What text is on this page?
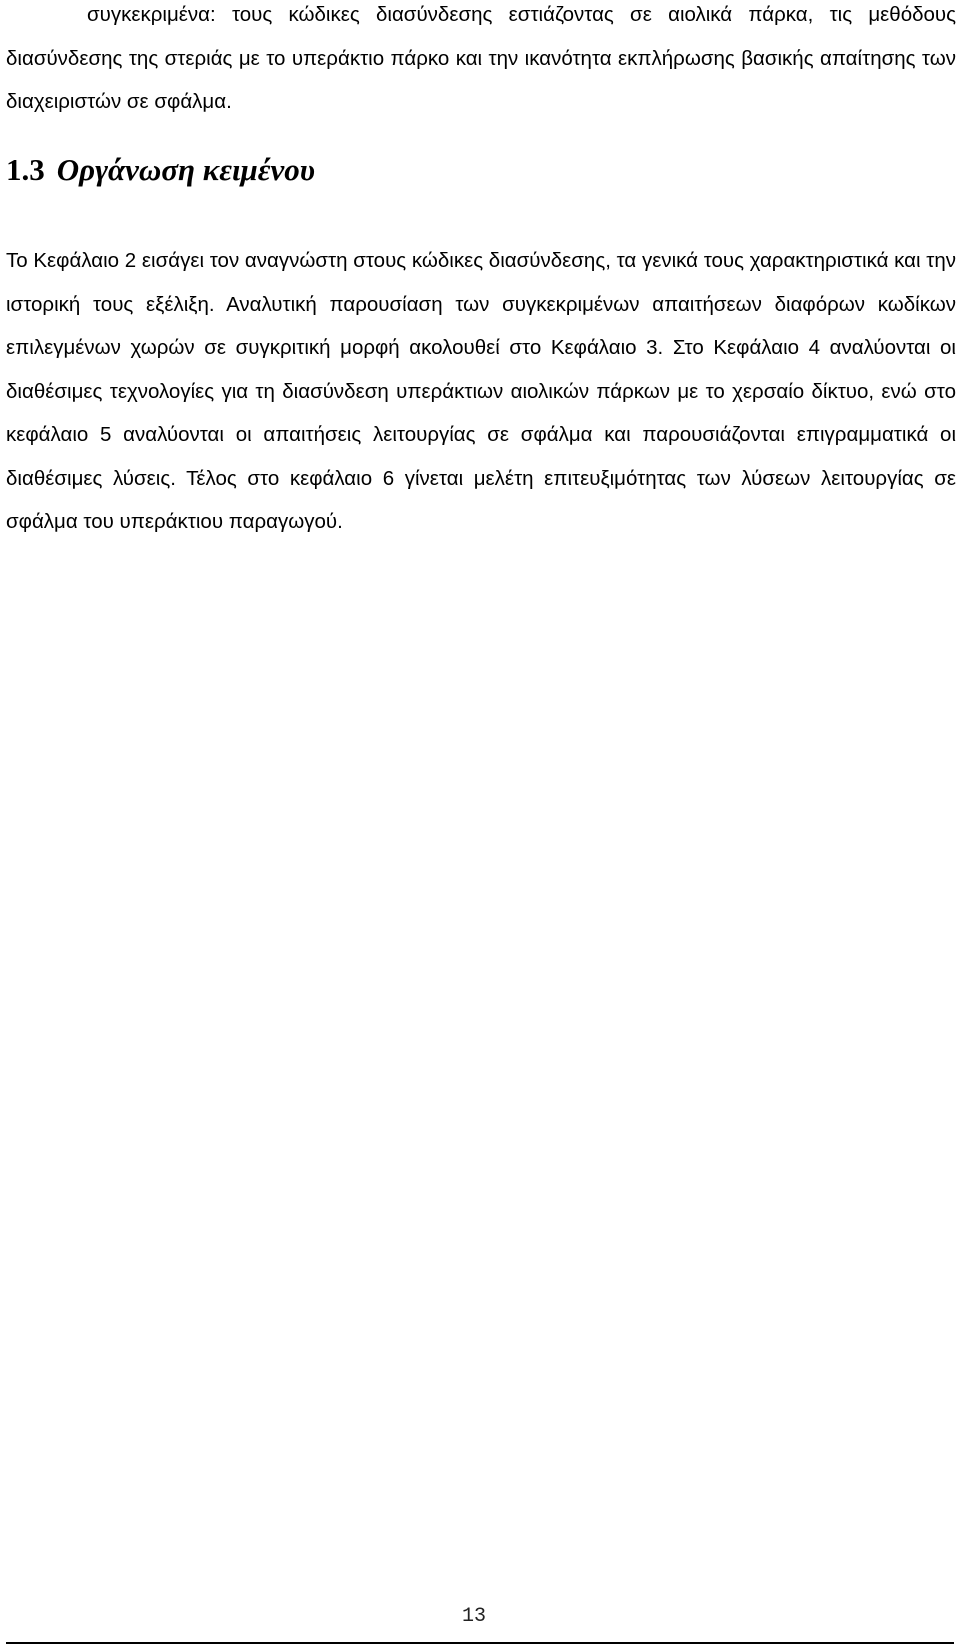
συγκεκριμένα: τους κώδικες διασύνδεσης εστιάζοντας σε αιολικά πάρκα, τις μεθόδους διασύνδεσης της στεριάς με το υπεράκτιο πάρκο και την ικανότητα εκπλήρωσης βασικής απαίτησης των διαχειριστών σε σφάλμα.

1.3 Οργάνωση κειμένου

Το Κεφάλαιο 2 εισάγει τον αναγνώστη στους κώδικες διασύνδεσης, τα γενικά τους χαρακτηριστικά και την ιστορική τους εξέλιξη. Αναλυτική παρουσίαση των συγκεκριμένων απαιτήσεων διαφόρων κωδίκων επιλεγμένων χωρών σε συγκριτική μορφή ακολουθεί στο Κεφάλαιο 3. Στο Κεφάλαιο 4 αναλύονται οι διαθέσιμες τεχνολογίες για τη διασύνδεση υπεράκτιων αιολικών πάρκων με το χερσαίο δίκτυο, ενώ στο κεφάλαιο 5 αναλύονται οι απαιτήσεις λειτουργίας σε σφάλμα και παρουσιάζονται επιγραμματικά οι διαθέσιμες λύσεις. Τέλος στο κεφάλαιο 6 γίνεται μελέτη επιτευξιμότητας των λύσεων λειτουργίας σε σφάλμα του υπεράκτιου παραγωγού.

13
